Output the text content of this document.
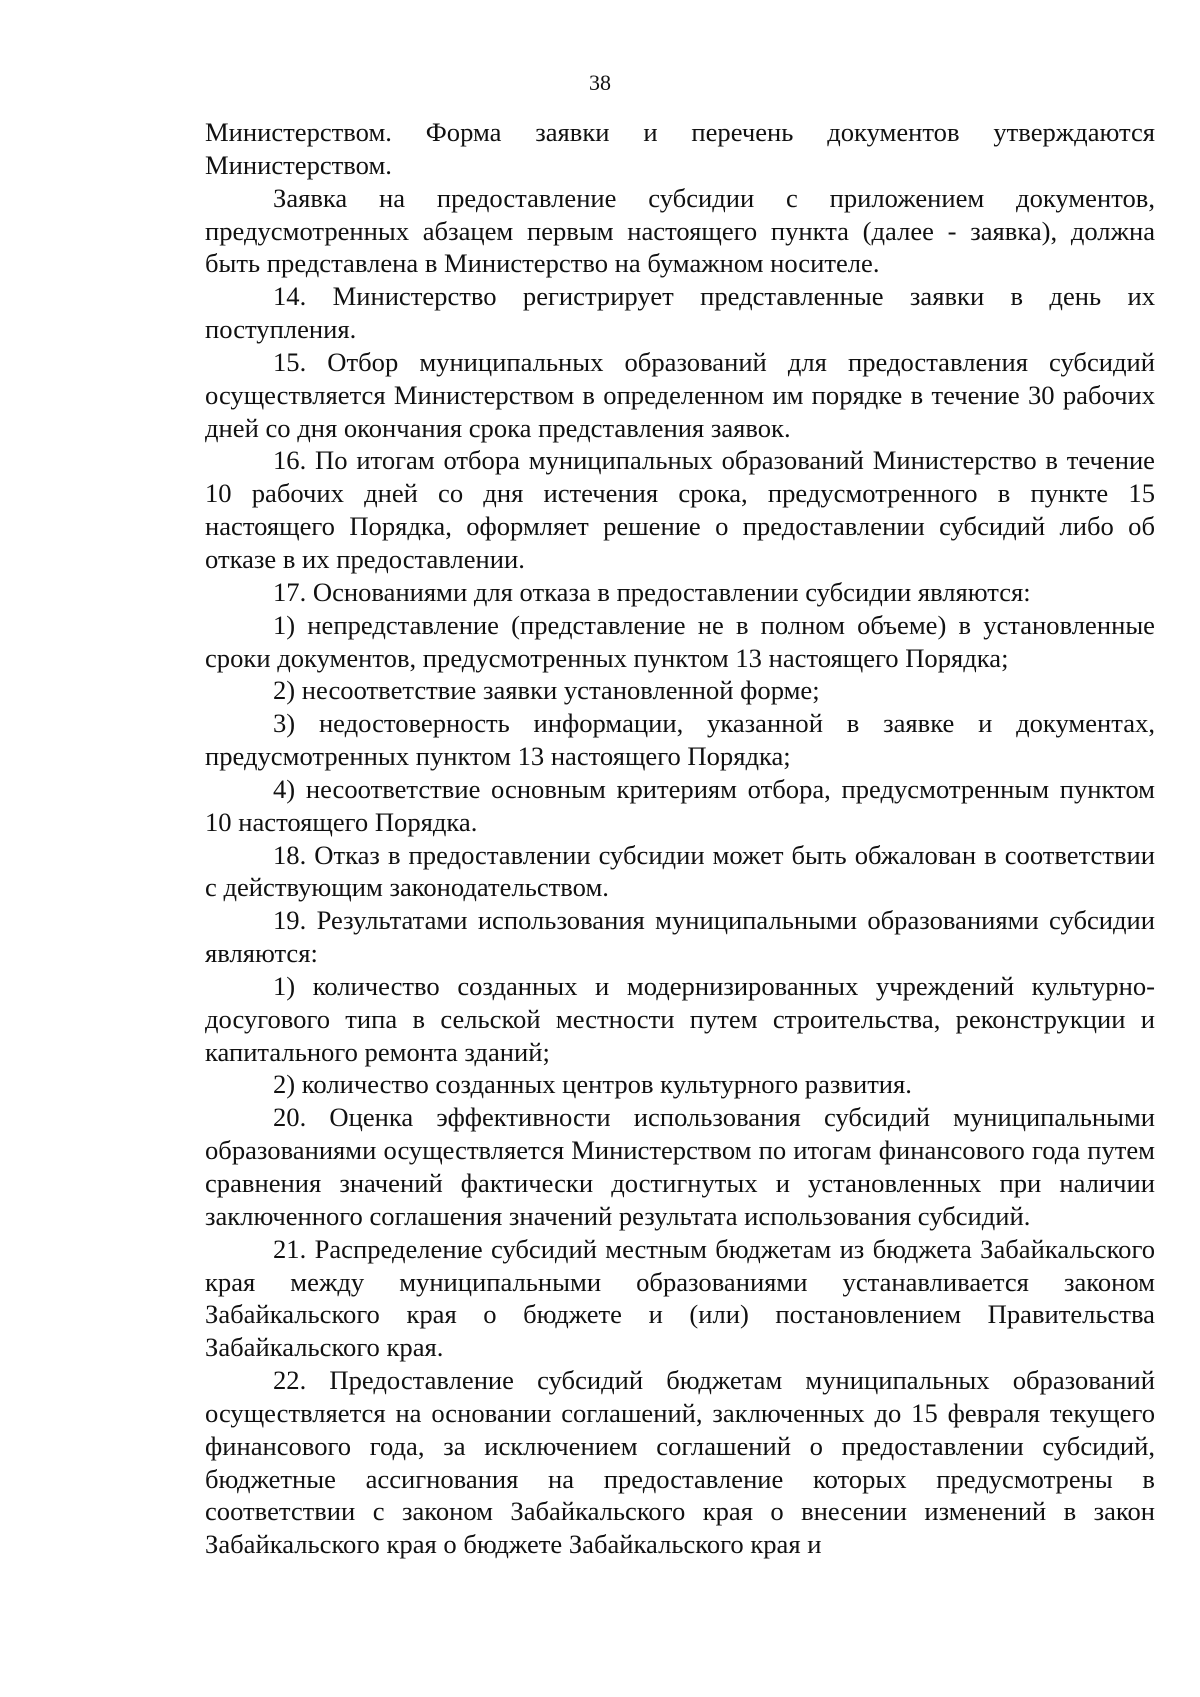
38

Министерством. Форма заявки и перечень документов утверждаются Министерством.

Заявка на предоставление субсидии с приложением документов, предусмотренных абзацем первым настоящего пункта (далее - заявка), должна быть представлена в Министерство на бумажном носителе.

14. Министерство регистрирует представленные заявки в день их поступления.

15. Отбор муниципальных образований для предоставления субсидий осуществляется Министерством в определенном им порядке в течение 30 рабочих дней со дня окончания срока представления заявок.

16. По итогам отбора муниципальных образований Министерство в течение 10 рабочих дней со дня истечения срока, предусмотренного в пункте 15 настоящего Порядка, оформляет решение о предоставлении субсидий либо об отказе в их предоставлении.

17. Основаниями для отказа в предоставлении субсидии являются:

1) непредставление (представление не в полном объеме) в установленные сроки документов, предусмотренных пунктом 13 настоящего Порядка;

2) несоответствие заявки установленной форме;

3) недостоверность информации, указанной в заявке и документах, предусмотренных пунктом 13 настоящего Порядка;

4) несоответствие основным критериям отбора, предусмотренным пунктом 10 настоящего Порядка.

18. Отказ в предоставлении субсидии может быть обжалован в соответствии с действующим законодательством.

19. Результатами использования муниципальными образованиями субсидии являются:

1) количество созданных и модернизированных учреждений культурно-досугового типа в сельской местности путем строительства, реконструкции и капитального ремонта зданий;

2) количество созданных центров культурного развития.

20. Оценка эффективности использования субсидий муниципальными образованиями осуществляется Министерством по итогам финансового года путем сравнения значений фактически достигнутых и установленных при наличии заключенного соглашения значений результата использования субсидий.

21. Распределение субсидий местным бюджетам из бюджета Забайкальского края между муниципальными образованиями устанавливается законом Забайкальского края о бюджете и (или) постановлением Правительства Забайкальского края.

22. Предоставление субсидий бюджетам муниципальных образований осуществляется на основании соглашений, заключенных до 15 февраля текущего финансового года, за исключением соглашений о предоставлении субсидий, бюджетные ассигнования на предоставление которых предусмотрены в соответствии с законом Забайкальского края о внесении изменений в закон Забайкальского края о бюджете Забайкальского края и
